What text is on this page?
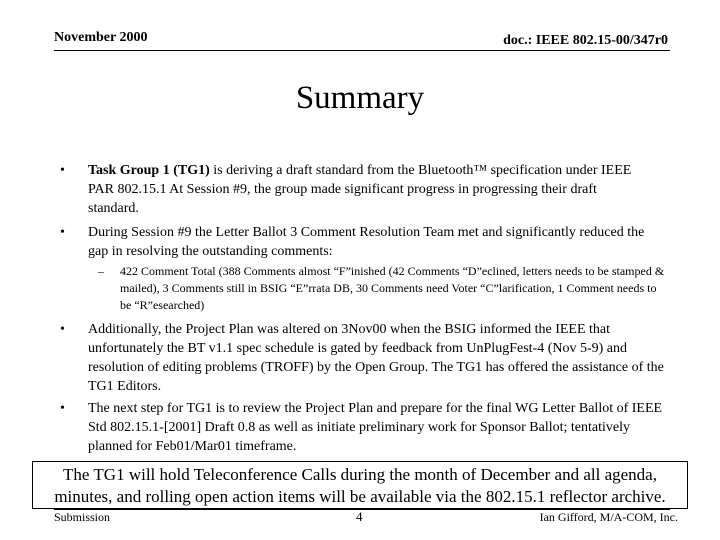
November 2000	doc.: IEEE 802.15-00/347r0
Summary
• Task Group 1 (TG1) is deriving a draft standard from the Bluetooth™ specification under IEEE PAR 802.15.1 At Session #9, the group made significant progress in progressing their draft standard.
• During Session #9 the Letter Ballot 3 Comment Resolution Team met and significantly reduced the gap in resolving the outstanding comments:
– 422 Comment Total (388 Comments almost “F”inished (42 Comments “D”eclined, letters needs to be stamped & mailed), 3 Comments still in BSIG “E”rrata DB, 30 Comments need Voter “C”larification, 1 Comment needs to be “R”esearched)
• Additionally, the Project Plan was altered on 3Nov00 when the BSIG informed the IEEE that unfortunately the BT v1.1 spec schedule is gated by feedback from UnPlugFest-4 (Nov 5-9) and resolution of editing problems (TROFF) by the Open Group. The TG1 has offered the assistance of the TG1 Editors.
• The next step for TG1 is to review the Project Plan and prepare for the final WG Letter Ballot of IEEE Std 802.15.1-[2001] Draft 0.8 as well as initiate preliminary work for Sponsor Ballot; tentatively planned for Feb01/Mar01 timeframe.
The TG1 will hold Teleconference Calls during the month of December and all agenda, minutes, and rolling open action items will be available via the 802.15.1 reflector archive.
Submission	4	Ian Gifford, M/A-COM, Inc.
